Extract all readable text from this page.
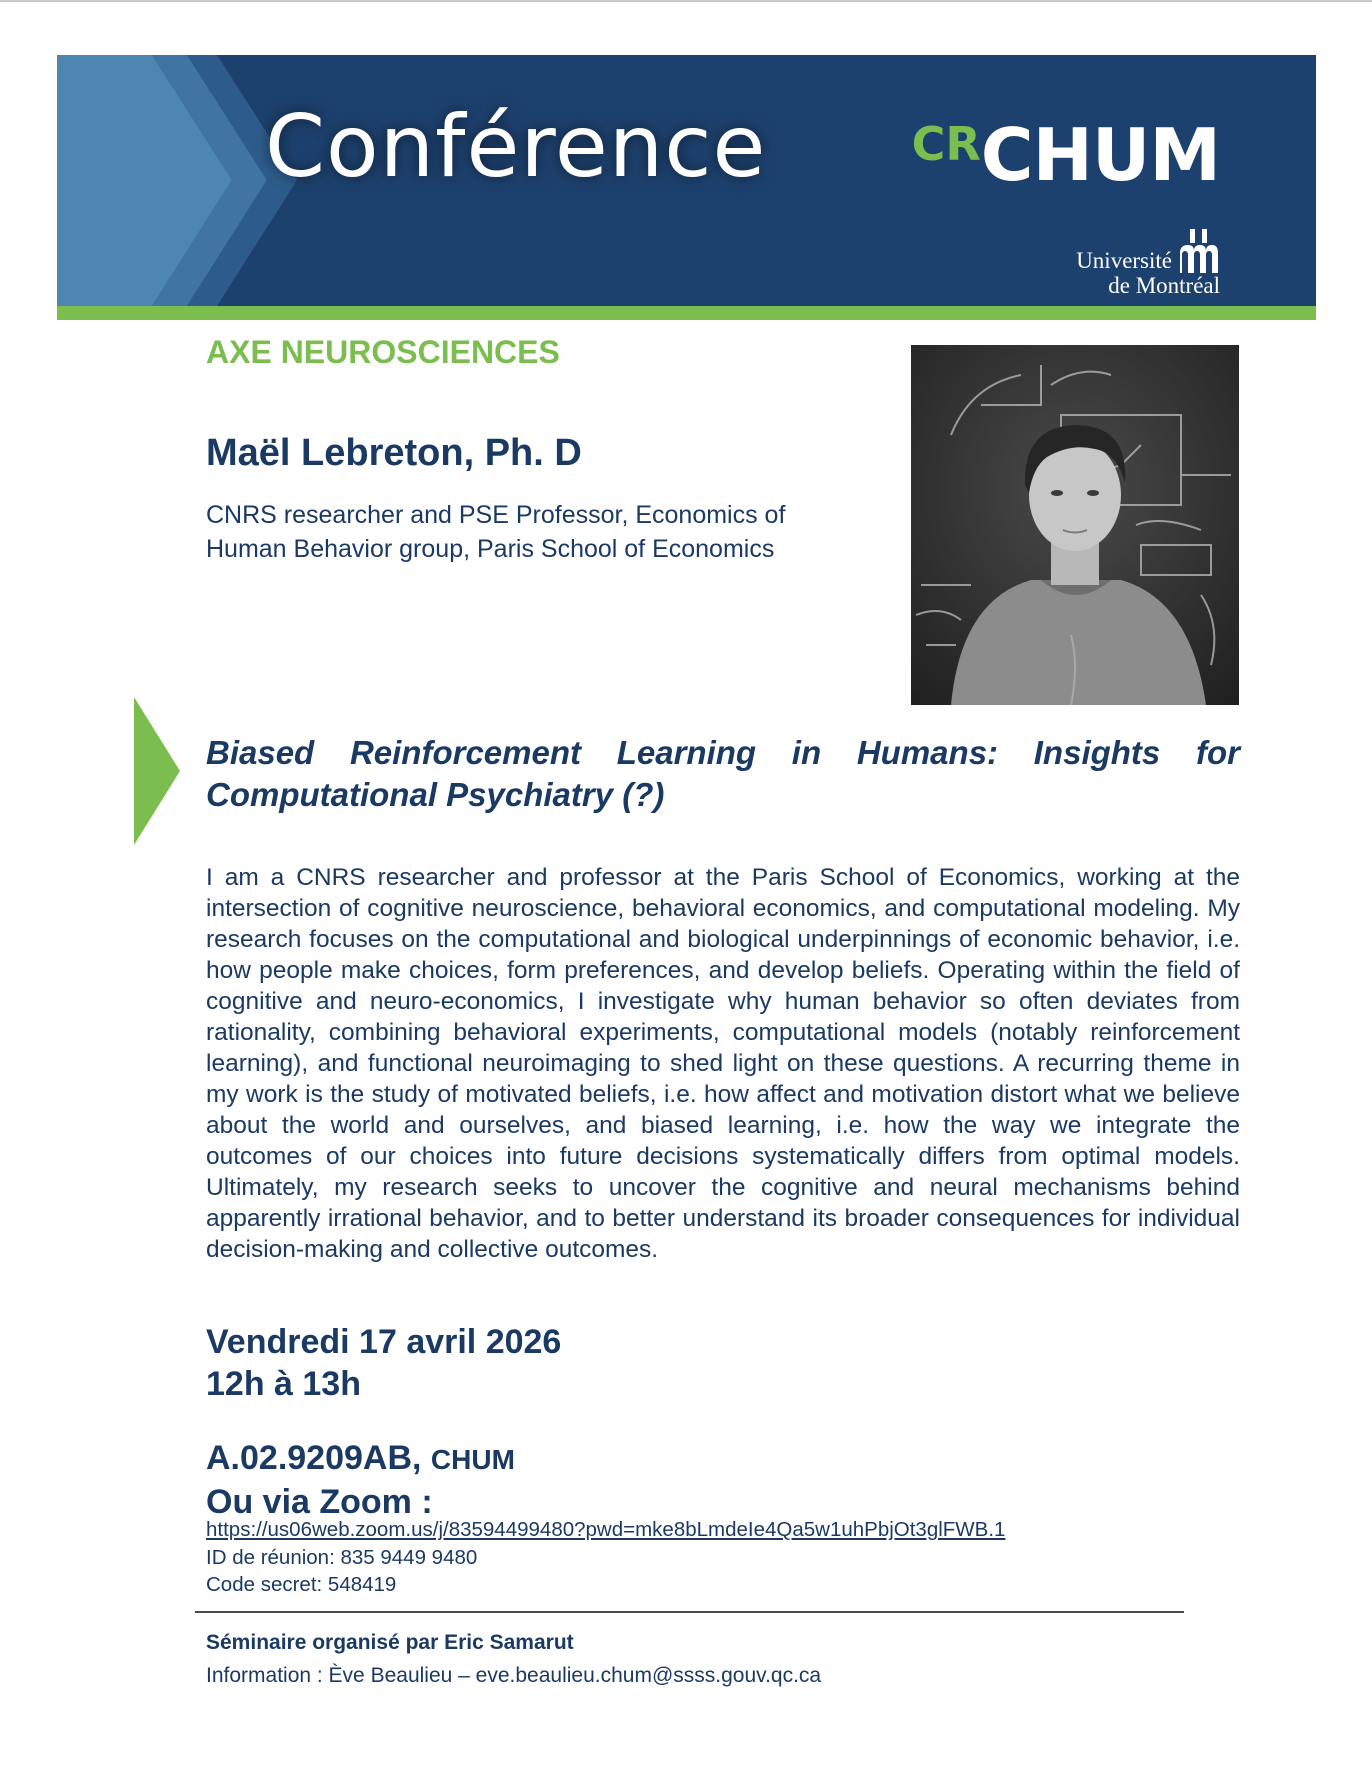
Conférence	CRCHUM
Université
de Montréal
AXE NEUROSCIENCES
Maël Lebreton, Ph. D

CNRS researcher and PSE Professor, Economics of Human Behavior group, Paris School of Economics

Biased Reinforcement Learning in Humans: Insights for Computational Psychiatry (?)

I am a CNRS researcher and professor at the Paris School of Economics, working at the intersection of cognitive neuroscience, behavioral economics, and computational modeling. My research focuses on the computational and biological underpinnings of economic behavior, i.e. how people make choices, form preferences, and develop beliefs. Operating within the field of cognitive and neuro-economics, I investigate why human behavior so often deviates from rationality, combining behavioral experiments, computational models (notably reinforcement learning), and functional neuroimaging to shed light on these questions. A recurring theme in my work is the study of motivated beliefs, i.e. how affect and motivation distort what we believe about the world and ourselves, and biased learning, i.e. how the way we integrate the outcomes of our choices into future decisions systematically differs from optimal models. Ultimately, my research seeks to uncover the cognitive and neural mechanisms behind apparently irrational behavior, and to better understand its broader consequences for individual decision-making and collective outcomes.

Vendredi 17 avril 2026
12h à 13h
A.02.9209AB, CHUM
Ou via Zoom :
https://us06web.zoom.us/j/83594499480?pwd=mke8bLmdeIe4Qa5w1uhPbjOt3glFWB.1
ID de réunion: 835 9449 9480
Code secret: 548419
Séminaire organisé par Eric Samarut
Information : Ève Beaulieu – eve.beaulieu.chum@ssss.gouv.qc.ca
